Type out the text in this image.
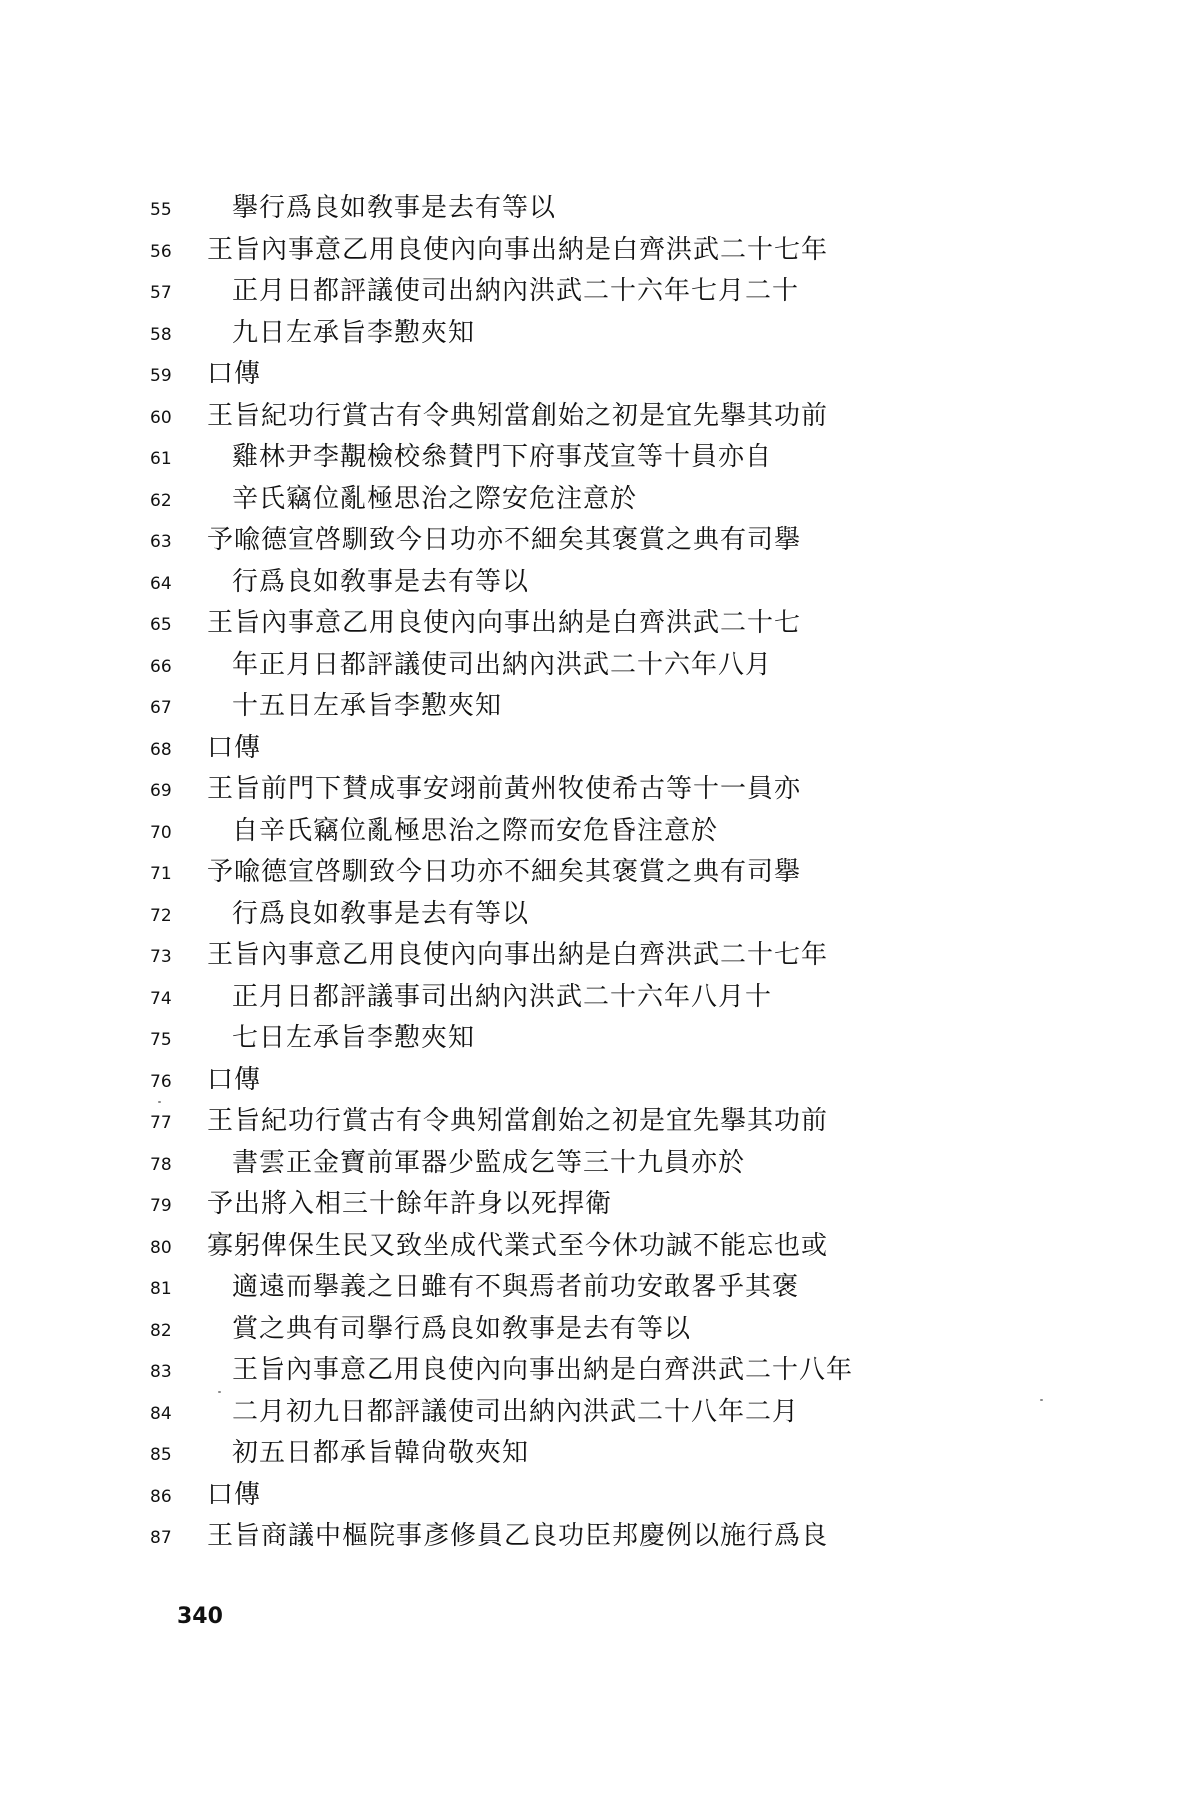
55	擧行爲良如敎事是去有等以
56	王旨內事意乙用良使內向事出納是白齊洪武二十七年
57	正月日都評議使司出納內洪武二十六年七月二十
58	九日左承旨李懃夾知
59	口傳
60	王旨紀功行賞古有令典矧當創始之初是宜先擧其功前
61	雞林尹李覯檢校叅賛門下府事茂宣等十員亦自
62	辛氏竊位亂極思治之際安危注意於
63	予喩德宣啓馴致今日功亦不細矣其褒賞之典有司擧
64	行爲良如敎事是去有等以
65	王旨內事意乙用良使內向事出納是白齊洪武二十七
66	年正月日都評議使司出納內洪武二十六年八月
67	十五日左承旨李懃夾知
68	口傳
69	王旨前門下賛成事安翊前黃州牧使希古等十一員亦
70	自辛氏竊位亂極思治之際而安危昏注意於
71	予喩德宣啓馴致今日功亦不細矣其褒賞之典有司擧
72	行爲良如敎事是去有等以
73	王旨內事意乙用良使內向事出納是白齊洪武二十七年
74	正月日都評議事司出納內洪武二十六年八月十
75	七日左承旨李懃夾知
76	口傳
77	王旨紀功行賞古有令典矧當創始之初是宜先擧其功前
78	書雲正金寶前軍器少監成乞等三十九員亦於
79	予出將入相三十餘年許身以死捍衛
80	寡躬俾保生民又致坐成代業式至今休功誠不能忘也或
81	適遠而擧義之日雖有不與焉者前功安敢畧乎其褒
82	賞之典有司擧行爲良如敎事是去有等以
83	王旨內事意乙用良使內向事出納是白齊洪武二十八年
84	二月初九日都評議使司出納內洪武二十八年二月
85	初五日都承旨韓尙敬夾知
86	口傳
87	王旨商議中樞院事彥修員乙良功臣邦慶例以施行爲良
340
